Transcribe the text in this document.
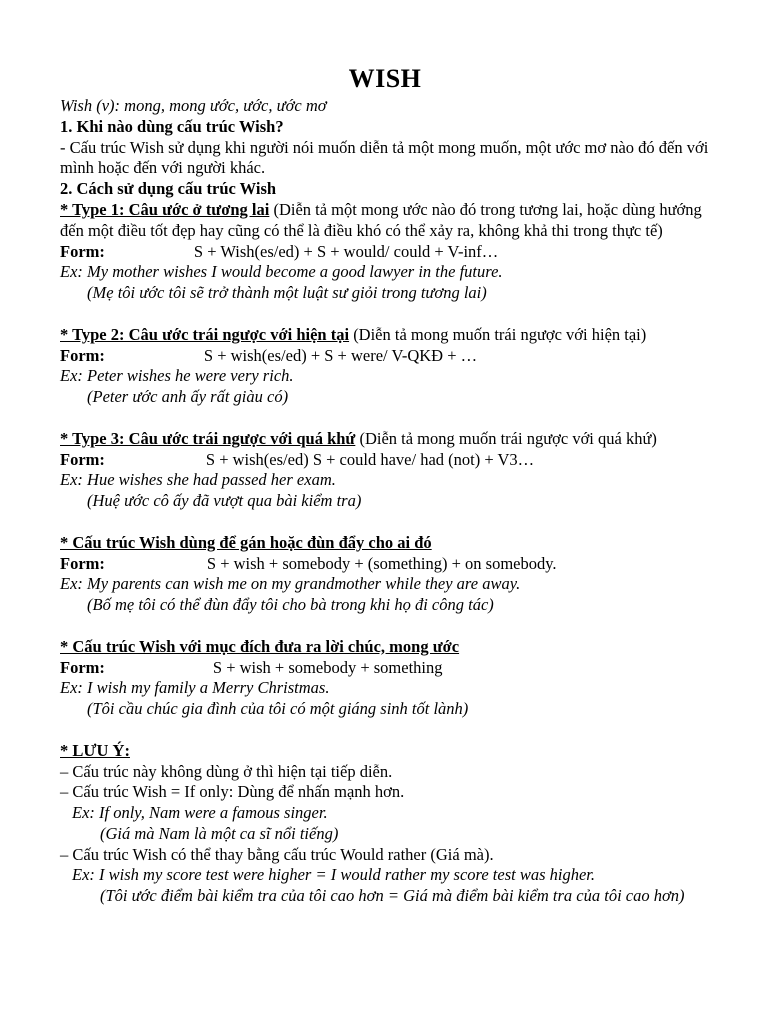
WISH
Wish (v): mong, mong ước, ước, ước mơ
1. Khi nào dùng cấu trúc Wish?
- Cấu trúc Wish sử dụng khi người nói muốn diễn tả một mong muốn, một ước mơ nào đó đến với mình hoặc đến với người khác.
2. Cách sử dụng cấu trúc Wish
* Type 1: Câu ước ở tương lai (Diễn tả một mong ước nào đó trong tương lai, hoặc dùng hướng đến một điều tốt đẹp hay cũng có thể là điều khó có thể xảy ra, không khả thi trong thực tế)
Form:	S + Wish(es/ed) + S + would/ could + V-inf…
Ex: My mother wishes I would become a good lawyer in the future.
(Mẹ tôi ước tôi sẽ trở thành một luật sư giỏi trong tương lai)
* Type 2: Câu ước trái ngược với hiện tại (Diễn tả mong muốn trái ngược với hiện tại)
Form:	S + wish(es/ed) + S + were/ V-QKĐ + …
Ex: Peter wishes he were very rich.
(Peter ước anh ấy rất giàu có)
* Type 3: Câu ước trái ngược với quá khứ (Diễn tả mong muốn trái ngược với quá khứ)
Form:	S + wish(es/ed) S + could have/ had (not) + V3…
Ex: Hue wishes she had passed her exam.
(Huệ ước cô ấy đã vượt qua bài kiểm tra)
* Cấu trúc Wish dùng để gán hoặc đùn đẩy cho ai đó
Form:	S + wish + somebody + (something) + on somebody.
Ex: My parents can wish me on my grandmother while they are away.
(Bố mẹ tôi có thể đùn đẩy tôi cho bà trong khi họ đi công tác)
* Cấu trúc Wish với mục đích đưa ra lời chúc, mong ước
Form:	S + wish + somebody + something
Ex: I wish my family a Merry Christmas.
(Tôi cầu chúc gia đình của tôi có một giáng sinh tốt lành)
* LƯU Ý:
– Cấu trúc này không dùng ở thì hiện tại tiếp diễn.
– Cấu trúc Wish = If only: Dùng để nhấn mạnh hơn.
Ex: If only, Nam were a famous singer.
(Giá mà Nam là một ca sĩ nổi tiếng)
– Cấu trúc Wish có thể thay bằng cấu trúc Would rather (Giá mà).
Ex: I wish my score test were higher = I would rather my score test was higher.
(Tôi ước điểm bài kiểm tra của tôi cao hơn = Giá mà điểm bài kiểm tra của tôi cao hơn)
